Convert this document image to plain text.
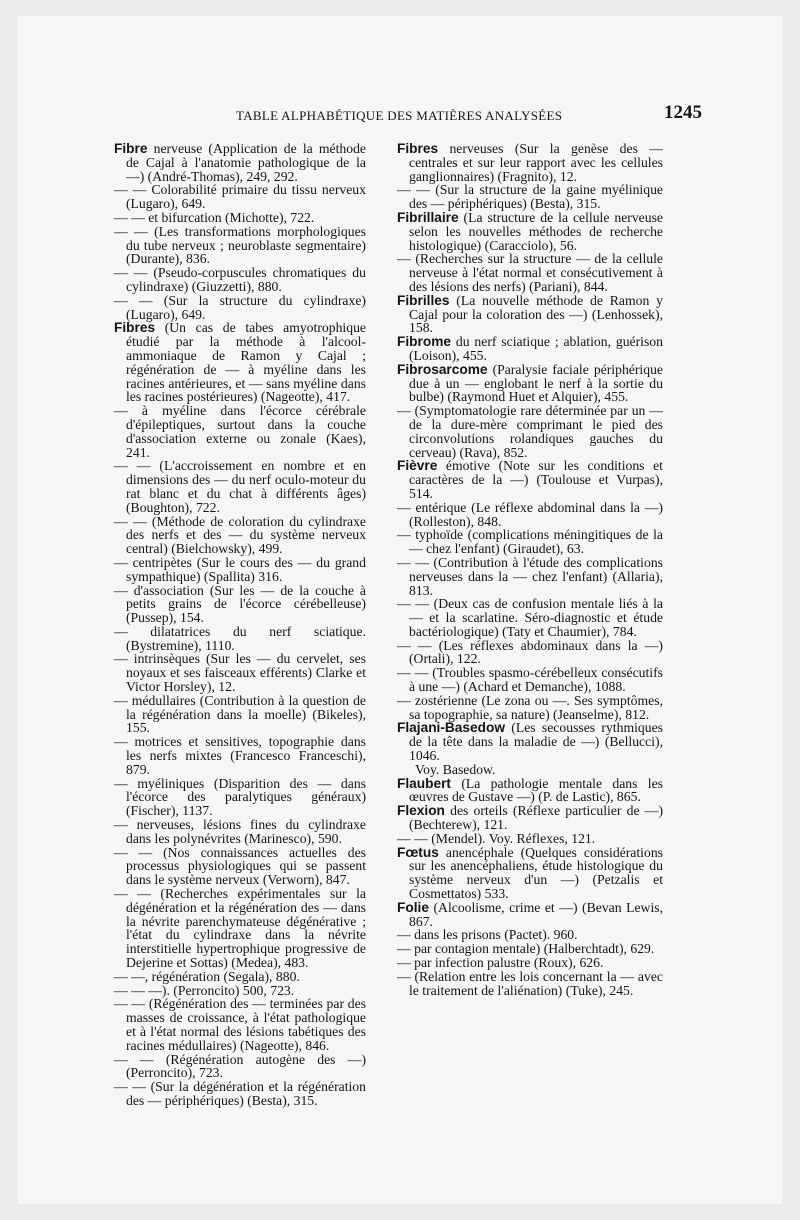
TABLE ALPHABÉTIQUE DES MATIÈRES ANALYSÉES	1245

Fibre nerveuse (Application de la méthode de Cajal à l'anatomie pathologique de la —) (André-Thomas), 249, 292.

— — Colorabilité primaire du tissu nerveux (Lugaro), 649.

— — et bifurcation (Michotte), 722.

— — (Les transformations morphologiques du tube nerveux ; neuroblaste segmentaire) (Durante), 836.

— — (Pseudo-corpuscules chromatiques du cylindraxe) (Giuzzetti), 880.

— — (Sur la structure du cylindraxe) (Lugaro), 649.

Fibres (Un cas de tabes amyotrophique étudié par la méthode à l'alcool-ammoniaque de Ramon y Cajal ; régénération de — à myéline dans les racines antérieures, et — sans myéline dans les racines postérieures) (Nageotte), 417.

— à myéline dans l'écorce cérébrale d'épileptiques, surtout dans la couche d'association externe ou zonale (Kaes), 241.

— — (L'accroissement en nombre et en dimensions des — du nerf oculo-moteur du rat blanc et du chat à différents âges) (Boughton), 722.

— — (Méthode de coloration du cylindraxe des nerfs et des — du système nerveux central) (Bielchowsky), 499.

— centripètes (Sur le cours des — du grand sympathique) (Spallita) 316.

— d'association (Sur les — de la couche à petits grains de l'écorce cérébelleuse) (Pussep), 154.

— dilatatrices du nerf sciatique. (Bystremine), 1110.

— intrinsèques (Sur les — du cervelet, ses noyaux et ses faisceaux efférents) Clarke et Victor Horsley), 12.

— médullaires (Contribution à la question de la régénération dans la moelle) (Bikeles), 155.

— motrices et sensitives, topographie dans les nerfs mixtes (Francesco Franceschi), 879.

— myéliniques (Disparition des — dans l'écorce des paralytiques généraux) (Fischer), 1137.

— nerveuses, lésions fines du cylindraxe dans les polynévrites (Marinesco), 590.

— — (Nos connaissances actuelles des processus physiologiques qui se passent dans le système nerveux (Verworn), 847.

— — (Recherches expérimentales sur la dégénération et la régénération des — dans la névrite parenchymateuse dégénérative ; l'état du cylindraxe dans la névrite interstitielle hypertrophique progressive de Dejerine et Sottas) (Medea), 483.

— —, régénération (Segala), 880.

— — —). (Perroncito) 500, 723.

— — (Régénération des — terminées par des masses de croissance, à l'état pathologique et à l'état normal des lésions tabétiques des racines médullaires) (Nageotte), 846.

— — (Régénération autogène des —) (Perroncito), 723.

— — (Sur la dégénération et la régénération des — périphériques) (Besta), 315.

Fibres nerveuses (Sur la genèse des — centrales et sur leur rapport avec les cellules ganglionnaires) (Fragnito), 12.

— — (Sur la structure de la gaine myélinique des — périphériques) (Besta), 315.

Fibrillaire (La structure de la cellule nerveuse selon les nouvelles méthodes de recherche histologique) (Caracciolo), 56.

— (Recherches sur la structure — de la cellule nerveuse à l'état normal et consécutivement à des lésions des nerfs) (Pariani), 844.

Fibrilles (La nouvelle méthode de Ramon y Cajal pour la coloration des —) (Lenhossek), 158.

Fibrome du nerf sciatique ; ablation, guérison (Loison), 455.

Fibrosarcome (Paralysie faciale périphérique due à un — englobant le nerf à la sortie du bulbe) (Raymond Huet et Alquier), 455.

— (Symptomatologie rare déterminée par un — de la dure-mère comprimant le pied des circonvolutions rolandiques gauches du cerveau) (Rava), 852.

Fièvre émotive (Note sur les conditions et caractères de la —) (Toulouse et Vurpas), 514.

— entérique (Le réflexe abdominal dans la —) (Rolleston), 848.

— typhoïde (complications méningitiques de la — chez l'enfant) (Giraudet), 63.

— — (Contribution à l'étude des complications nerveuses dans la — chez l'enfant) (Allaria), 813.

— — (Deux cas de confusion mentale liés à la — et la scarlatine. Séro-diagnostic et étude bactériologique) (Taty et Chaumier), 784.

— — (Les réflexes abdominaux dans la —) (Ortali), 122.

— — (Troubles spasmo-cérébelleux consécutifs à une —) (Achard et Demanche), 1088.

— zostérienne (Le zona ou —. Ses symptômes, sa topographie, sa nature) (Jeanselme), 812.

Flajani-Basedow (Les secousses rythmiques de la tête dans la maladie de —) (Bellucci), 1046.

Voy. Basedow.

Flaubert (La pathologie mentale dans les œuvres de Gustave —) (P. de Lastic), 865.

Flexion des orteils (Réflexe particulier de —) (Bechterew), 121.

— — (Mendel). Voy. Réflexes, 121.

Fœtus anencéphale (Quelques considérations sur les anencéphaliens, étude histologique du système nerveux d'un —) (Petzalis et Cosmettatos) 533.

Folie (Alcoolisme, crime et —) (Bevan Lewis, 867.

— dans les prisons (Pactet). 960.

— par contagion mentale) (Halberchtadt), 629.

— par infection palustre (Roux), 626.

— (Relation entre les lois concernant la — avec le traitement de l'aliénation) (Tuke), 245.
